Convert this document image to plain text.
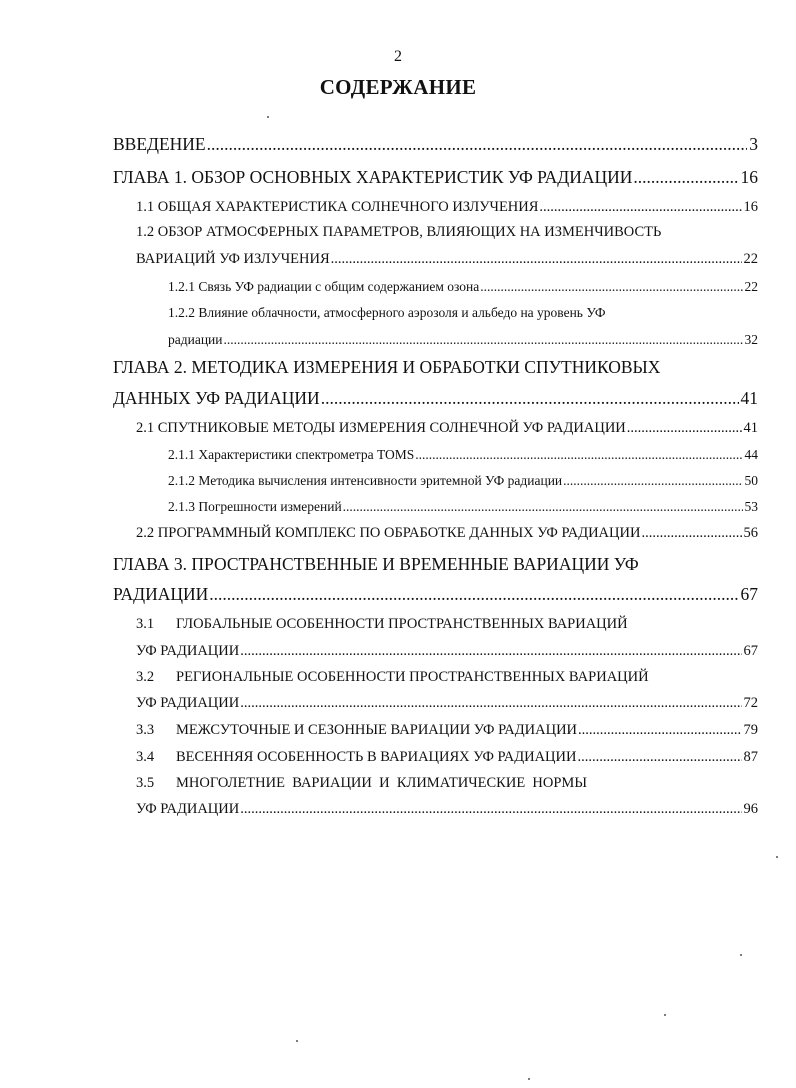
2
СОДЕРЖАНИЕ
ВВЕДЕНИЕ .....	3
ГЛАВА 1. ОБЗОР ОСНОВНЫХ ХАРАКТЕРИСТИК УФ РАДИАЦИИ .....	16
1.1 ОБЩАЯ ХАРАКТЕРИСТИКА СОЛНЕЧНОГО ИЗЛУЧЕНИЯ .....	16
1.2 ОБЗОР АТМОСФЕРНЫХ ПАРАМЕТРОВ, ВЛИЯЮЩИХ НА ИЗМЕНЧИВОСТЬ
ВАРИАЦИЙ УФ ИЗЛУЧЕНИЯ .....	22
1.2.1 Связь УФ радиации с общим содержанием озона .....	22
1.2.2 Влияние облачности, атмосферного аэрозоля и альбедо на уровень УФ
радиации .....	32
ГЛАВА 2. МЕТОДИКА ИЗМЕРЕНИЯ И ОБРАБОТКИ СПУТНИКОВЫХ
ДАННЫХ УФ РАДИАЦИИ .....	41
2.1 СПУТНИКОВЫЕ МЕТОДЫ ИЗМЕРЕНИЯ СОЛНЕЧНОЙ УФ РАДИАЦИИ .....	41
2.1.1 Характеристики спектрометра TOMS .....	44
2.1.2 Методика вычисления интенсивности эритемной УФ радиации .....	50
2.1.3 Погрешности измерений .....	53
2.2 ПРОГРАММНЫЙ КОМПЛЕКС ПО ОБРАБОТКЕ ДАННЫХ УФ РАДИАЦИИ .....	56
ГЛАВА 3. ПРОСТРАНСТВЕННЫЕ И ВРЕМЕННЫЕ ВАРИАЦИИ УФ
РАДИАЦИИ .....	67
3.1 ГЛОБАЛЬНЫЕ ОСОБЕННОСТИ ПРОСТРАНСТВЕННЫХ ВАРИАЦИЙ
УФ РАДИАЦИИ .....	67
3.2 РЕГИОНАЛЬНЫЕ ОСОБЕННОСТИ ПРОСТРАНСТВЕННЫХ ВАРИАЦИЙ
УФ РАДИАЦИИ .....	72
3.3 МЕЖСУТОЧНЫЕ И СЕЗОННЫЕ ВАРИАЦИИ УФ РАДИАЦИИ .....	79
3.4 ВЕСЕННЯЯ ОСОБЕННОСТЬ В ВАРИАЦИЯХ УФ РАДИАЦИИ .....	87
3.5 МНОГОЛЕТНИЕ  ВАРИАЦИИ  И  КЛИМАТИЧЕСКИЕ  НОРМЫ
УФ РАДИАЦИИ .....	96
